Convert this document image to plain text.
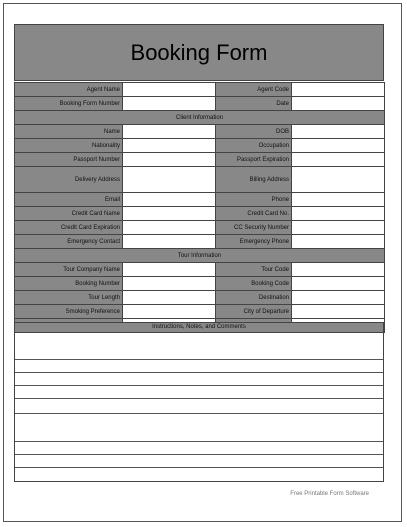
Booking Form
Agent Name		Agent Code	
Booking Form Number		Date	
Client Information			
Name		DOB	
Nationality		Occupation	
Passport Number		Passport Expiration	
Delivery Address		Billing Address	
Email		Phone	
Credit Card Name		Credit Card No.	
Credit Card Expiration		CC Security Number	
Emergency Contact		Emergency Phone	
Tour Information			
Tour Company Name		Tour Code	
Booking Number		Booking Code	
Tour Length		Destination	
Smoking Preference		City of Departure	

Instructions, Notes, and Comments
Free Printable Form Software
